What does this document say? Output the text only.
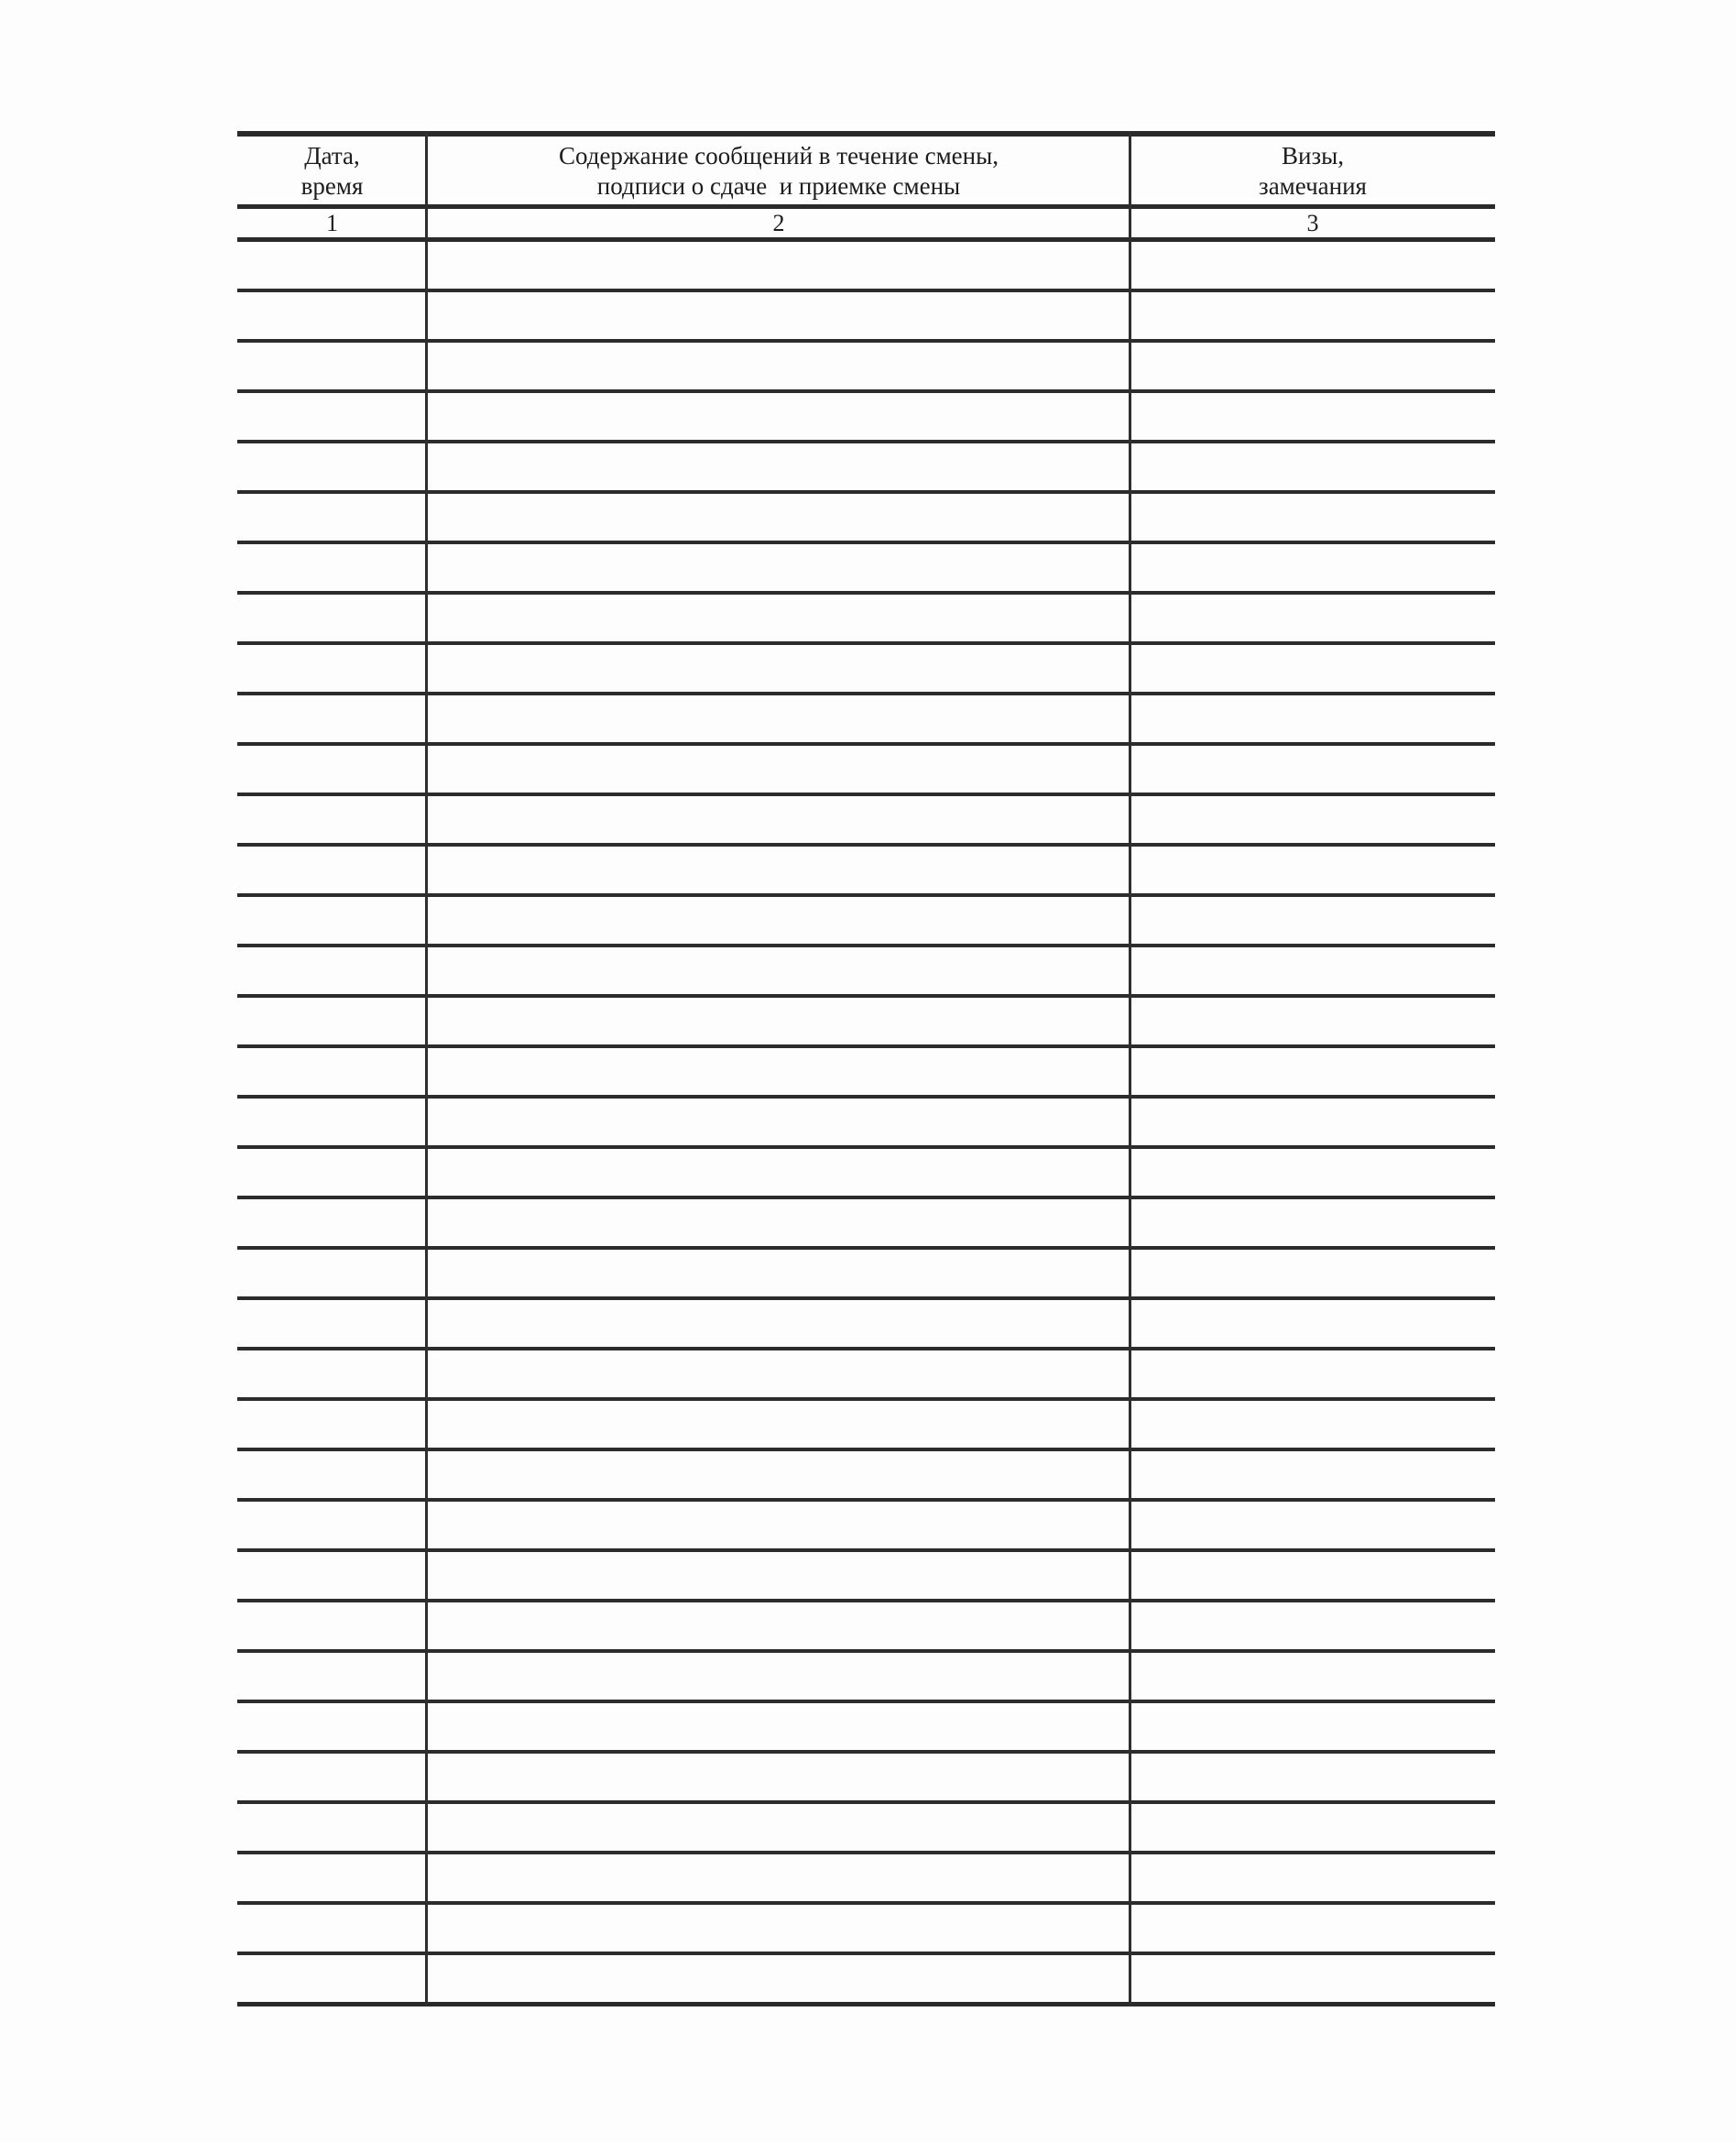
Дата,
время
Содержание сообщений в течение смены,
подписи о сдаче  и приемке смены
Визы,
замечания
1	2	3
